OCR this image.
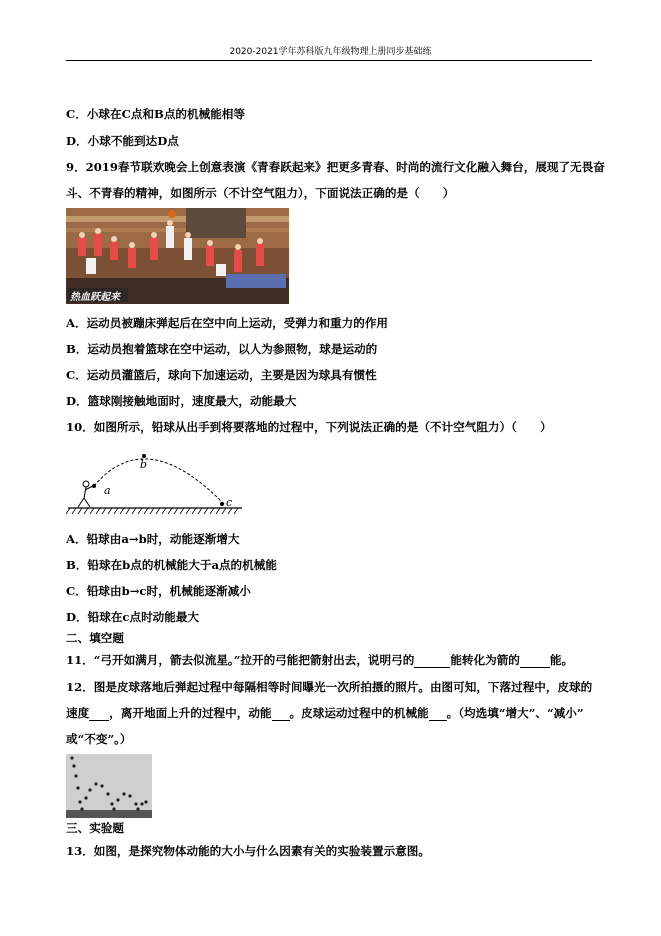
2020-2021学年苏科版九年级物理上册同步基础练
C．小球在C点和B点的机械能相等
D．小球不能到达D点
9．2019春节联欢晚会上创意表演《青春跃起来》把更多青春、时尚的流行文化融入舞台，展现了无畏奋
斗、不青春的精神，如图所示（不计空气阻力），下面说法正确的是（　　）
热血跃起来
A．运动员被蹦床弹起后在空中向上运动，受弹力和重力的作用
B．运动员抱着篮球在空中运动，以人为参照物，球是运动的
C．运动员灌篮后，球向下加速运动，主要是因为球具有惯性
D．篮球刚接触地面时，速度最大，动能最大
10．如图所示，铅球从出手到将要落地的过程中，下列说法正确的是（不计空气阻力）（　　）
a
b
c
A．铅球由a→b时，动能逐渐增大
B．铅球在b点的机械能大于a点的机械能
C．铅球由b→c时，机械能逐渐减小
D．铅球在c点时动能最大
二、填空题
11．“弓开如满月，箭去似流星。”拉开的弓能把箭射出去，说明弓的	能转化为箭的	能。
12．图是皮球落地后弹起过程中每隔相等时间曝光一次所拍摄的照片。由图可知，下落过程中，皮球的
速度 ，离开地面上升的过程中，动能 。皮球运动过程中的机械能 。（均选填“增大”、“减小”
或“不变”。）
三、实验题
13．如图，是探究物体动能的大小与什么因素有关的实验装置示意图。
